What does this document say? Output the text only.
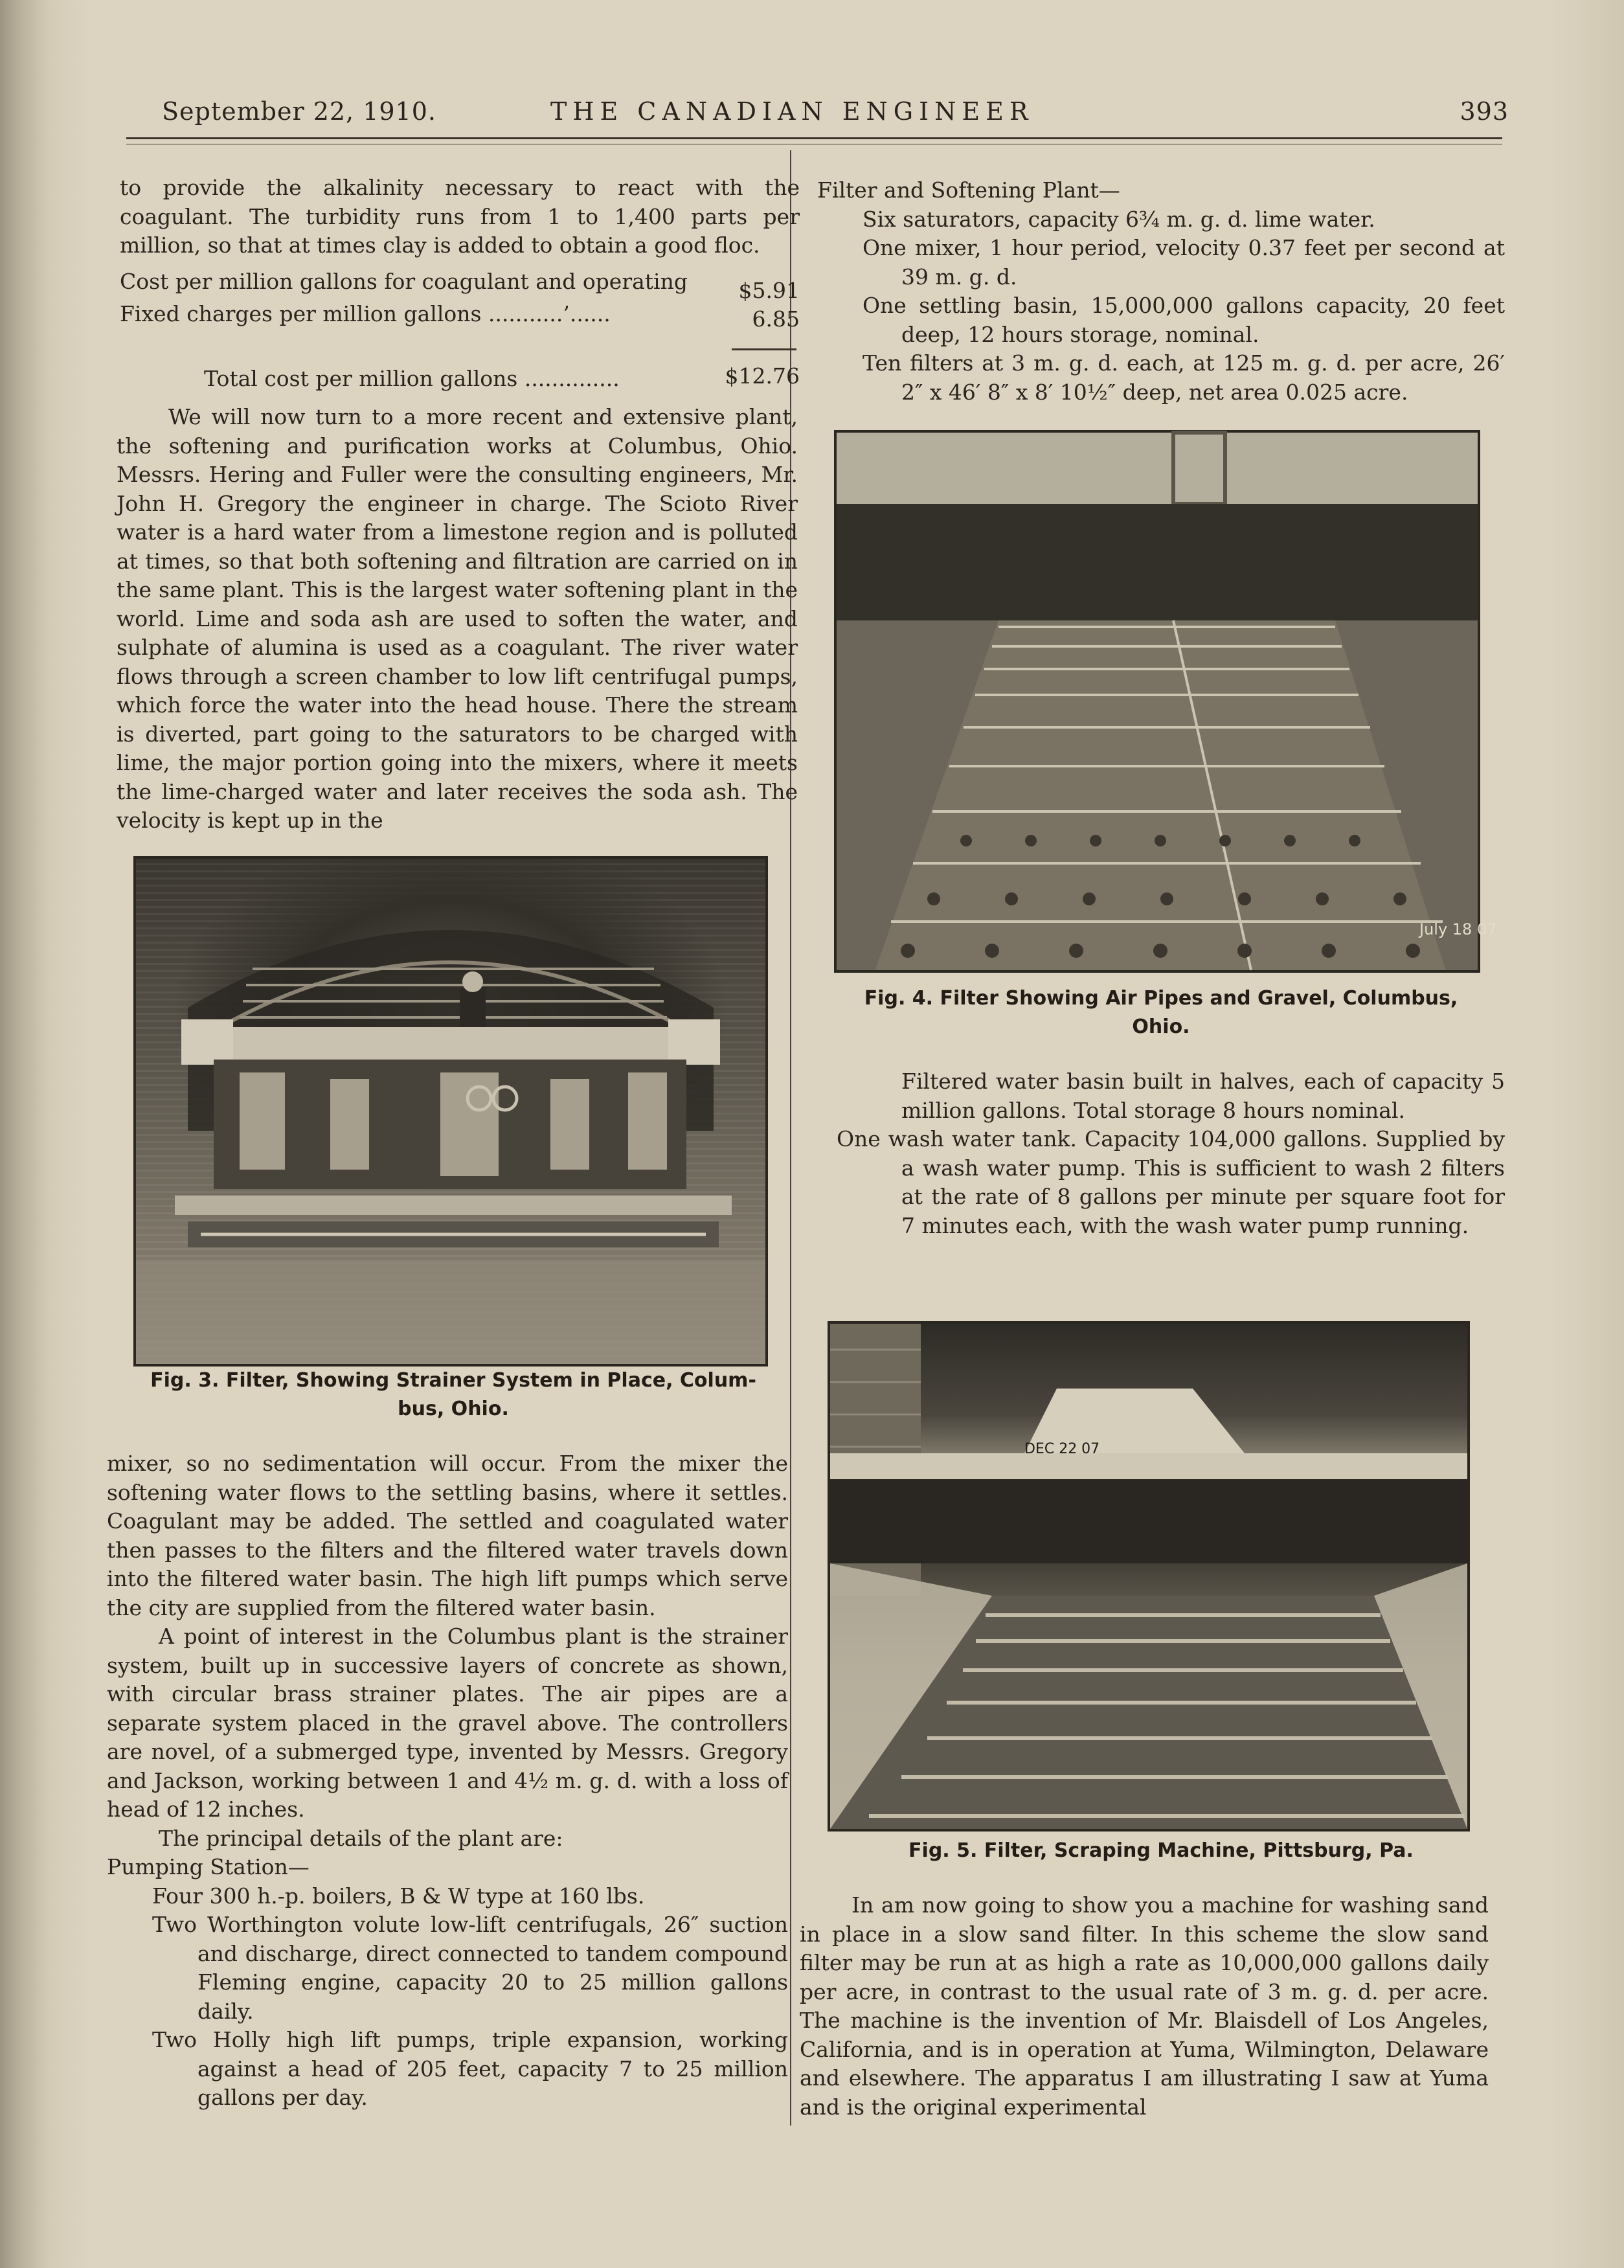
September 22, 1910.	THE CANADIAN ENGINEER	393

to provide the alkalinity necessary to react with the coagulant. The turbidity runs from 1 to 1,400 parts per million, so that at times clay is added to obtain a good floc.

Cost per million gallons for coagulant and operating $5.91
Fixed charges per million gallons ...........’......	6.85
Total cost per million gallons ..............	$12.76

We will now turn to a more recent and extensive plant, the softening and purification works at Columbus, Ohio. Messrs. Hering and Fuller were the consulting engineers, Mr. John H. Gregory the engineer in charge. The Scioto River water is a hard water from a limestone region and is polluted at times, so that both softening and filtration are carried on in the same plant. This is the largest water softening plant in the world. Lime and soda ash are used to soften the water, and sulphate of alumina is used as a coagulant. The river water flows through a screen chamber to low lift centrifugal pumps, which force the water into the head house. There the stream is diverted, part going to the saturators to be charged with lime, the major portion going into the mixers, where it meets the lime-charged water and later receives the soda ash. The velocity is kept up in the

Fig. 3. Filter, Showing Strainer System in Place, Colum-
bus, Ohio.

mixer, so no sedimentation will occur. From the mixer the softening water flows to the settling basins, where it settles. Coagulant may be added. The settled and coagulated water then passes to the filters and the filtered water travels down into the filtered water basin. The high lift pumps which serve the city are supplied from the filtered water basin.

A point of interest in the Columbus plant is the strainer system, built up in successive layers of concrete as shown, with circular brass strainer plates. The air pipes are a separate system placed in the gravel above. The controllers are novel, of a submerged type, invented by Messrs. Gregory and Jackson, working between 1 and 4½ m. g. d. with a loss of head of 12 inches.

The principal details of the plant are:

Pumping Station—

Four 300 h.-p. boilers, B & W type at 160 lbs.

Two Worthington volute low-lift centrifugals, 26″ suction and discharge, direct connected to tandem compound Fleming engine, capacity 20 to 25 million gallons daily.

Two Holly high lift pumps, triple expansion, working against a head of 205 feet, capacity 7 to 25 million gallons per day.

Filter and Softening Plant—

Six saturators, capacity 6¾ m. g. d. lime water.

One mixer, 1 hour period, velocity 0.37 feet per second at 39 m. g. d.

One settling basin, 15,000,000 gallons capacity, 20 feet deep, 12 hours storage, nominal.

Ten filters at 3 m. g. d. each, at 125 m. g. d. per acre, 26′ 2″ x 46′ 8″ x 8′ 10½″ deep, net area 0.025 acre.

July 18 07
Fig. 4. Filter Showing Air Pipes and Gravel, Columbus,
Ohio.

Filtered water basin built in halves, each of capacity 5 million gallons. Total storage 8 hours nominal.

One wash water tank. Capacity 104,000 gallons. Supplied by a wash water pump. This is sufficient to wash 2 filters at the rate of 8 gallons per minute per square foot for 7 minutes each, with the wash water pump running.

DEC 22 07
Fig. 5. Filter, Scraping Machine, Pittsburg, Pa.

In am now going to show you a machine for washing sand in place in a slow sand filter. In this scheme the slow sand filter may be run at as high a rate as 10,000,000 gallons daily per acre, in contrast to the usual rate of 3 m. g. d. per acre. The machine is the invention of Mr. Blaisdell of Los Angeles, California, and is in operation at Yuma, Wilmington, Delaware and elsewhere. The apparatus I am illustrating I saw at Yuma and is the original experimental
